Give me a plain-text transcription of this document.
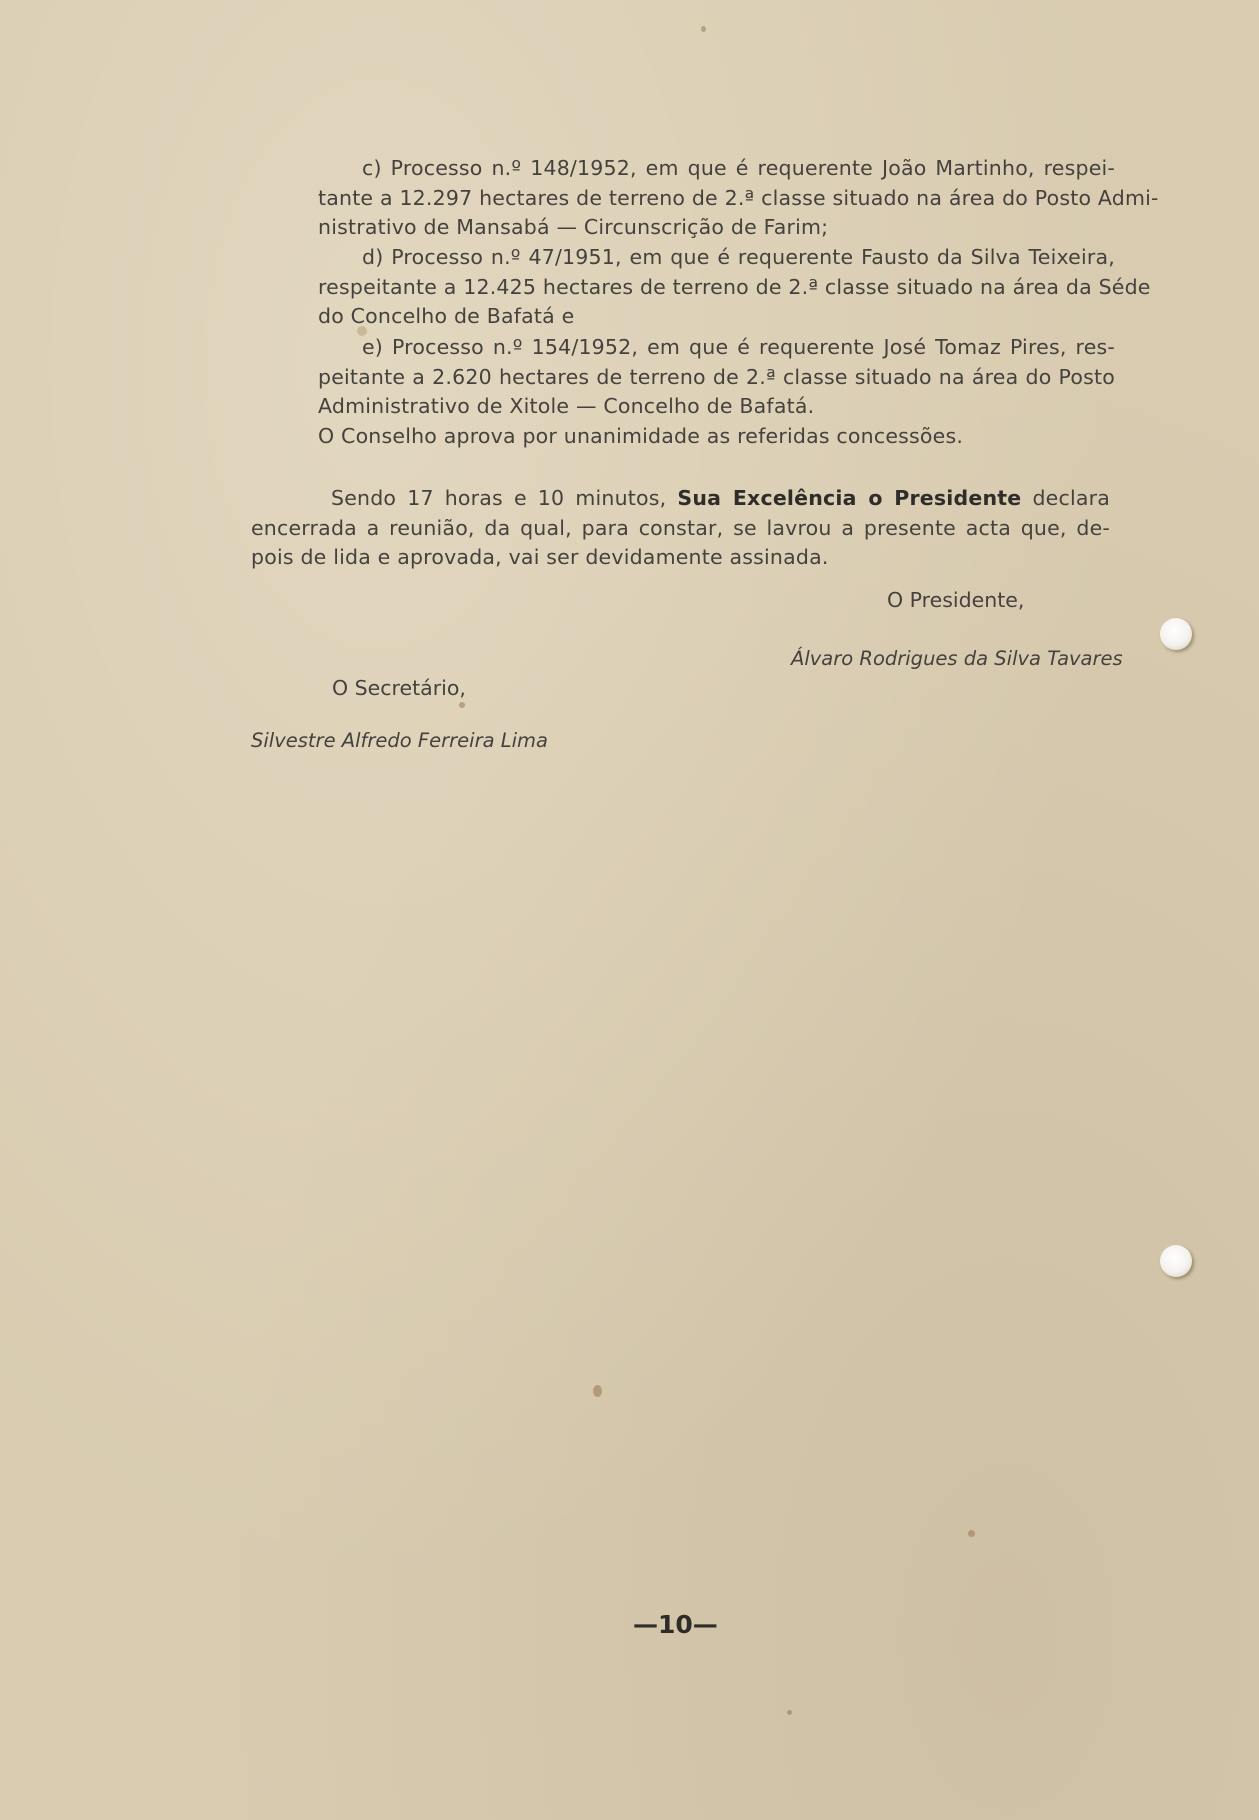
c) Processo n.º 148/1952, em que é requerente João Martinho, respei-
tante a 12.297 hectares de terreno de 2.ª classe situado na área do Posto Admi-
nistrativo de Mansabá — Circunscrição de Farim;
d) Processo n.º 47/1951, em que é requerente Fausto da Silva Teixeira,
respeitante a 12.425 hectares de terreno de 2.ª classe situado na área da Séde
do Concelho de Bafatá e
e) Processo n.º 154/1952, em que é requerente José Tomaz Pires, res-
peitante a 2.620 hectares de terreno de 2.ª classe situado na área do Posto
Administrativo de Xitole — Concelho de Bafatá.
O Conselho aprova por unanimidade as referidas concessões.
Sendo 17 horas e 10 minutos, Sua Excelência o Presidente declara
encerrada a reunião, da qual, para constar, se lavrou a presente acta que, de-
pois de lida e aprovada, vai ser devidamente assinada.
O Presidente,
Álvaro Rodrigues da Silva Tavares
O Secretário,
Silvestre Alfredo Ferreira Lima
—10—
